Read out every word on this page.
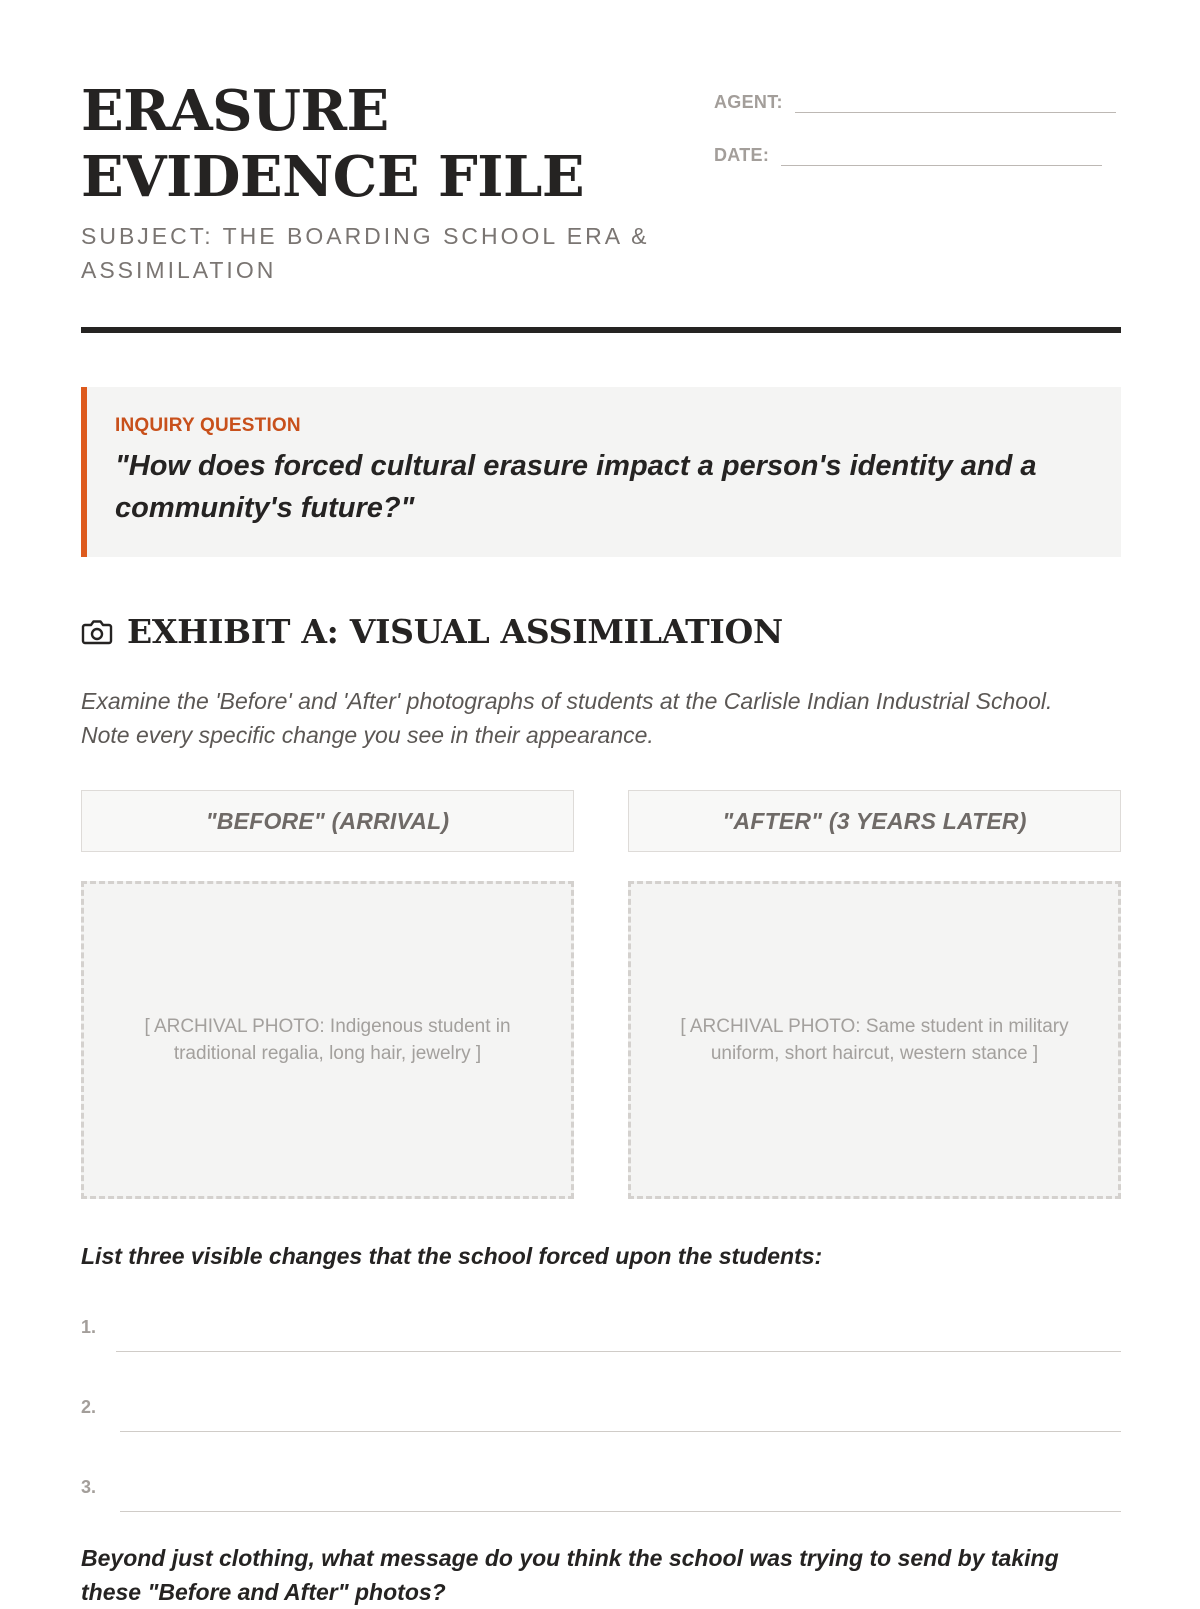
ERASURE EVIDENCE FILE
SUBJECT: THE BOARDING SCHOOL ERA & ASSIMILATION
AGENT:
DATE:
INQUIRY QUESTION
"How does forced cultural erasure impact a person's identity and a community's future?"
EXHIBIT A: VISUAL ASSIMILATION
Examine the 'Before' and 'After' photographs of students at the Carlisle Indian Industrial School. Note every specific change you see in their appearance.
"BEFORE" (ARRIVAL)	"AFTER" (3 YEARS LATER)
[ ARCHIVAL PHOTO: Indigenous student in traditional regalia, long hair, jewelry ]
[ ARCHIVAL PHOTO: Same student in military uniform, short haircut, western stance ]
List three visible changes that the school forced upon the students:
1.
2.
3.
Beyond just clothing, what message do you think the school was trying to send by taking these "Before and After" photos?
